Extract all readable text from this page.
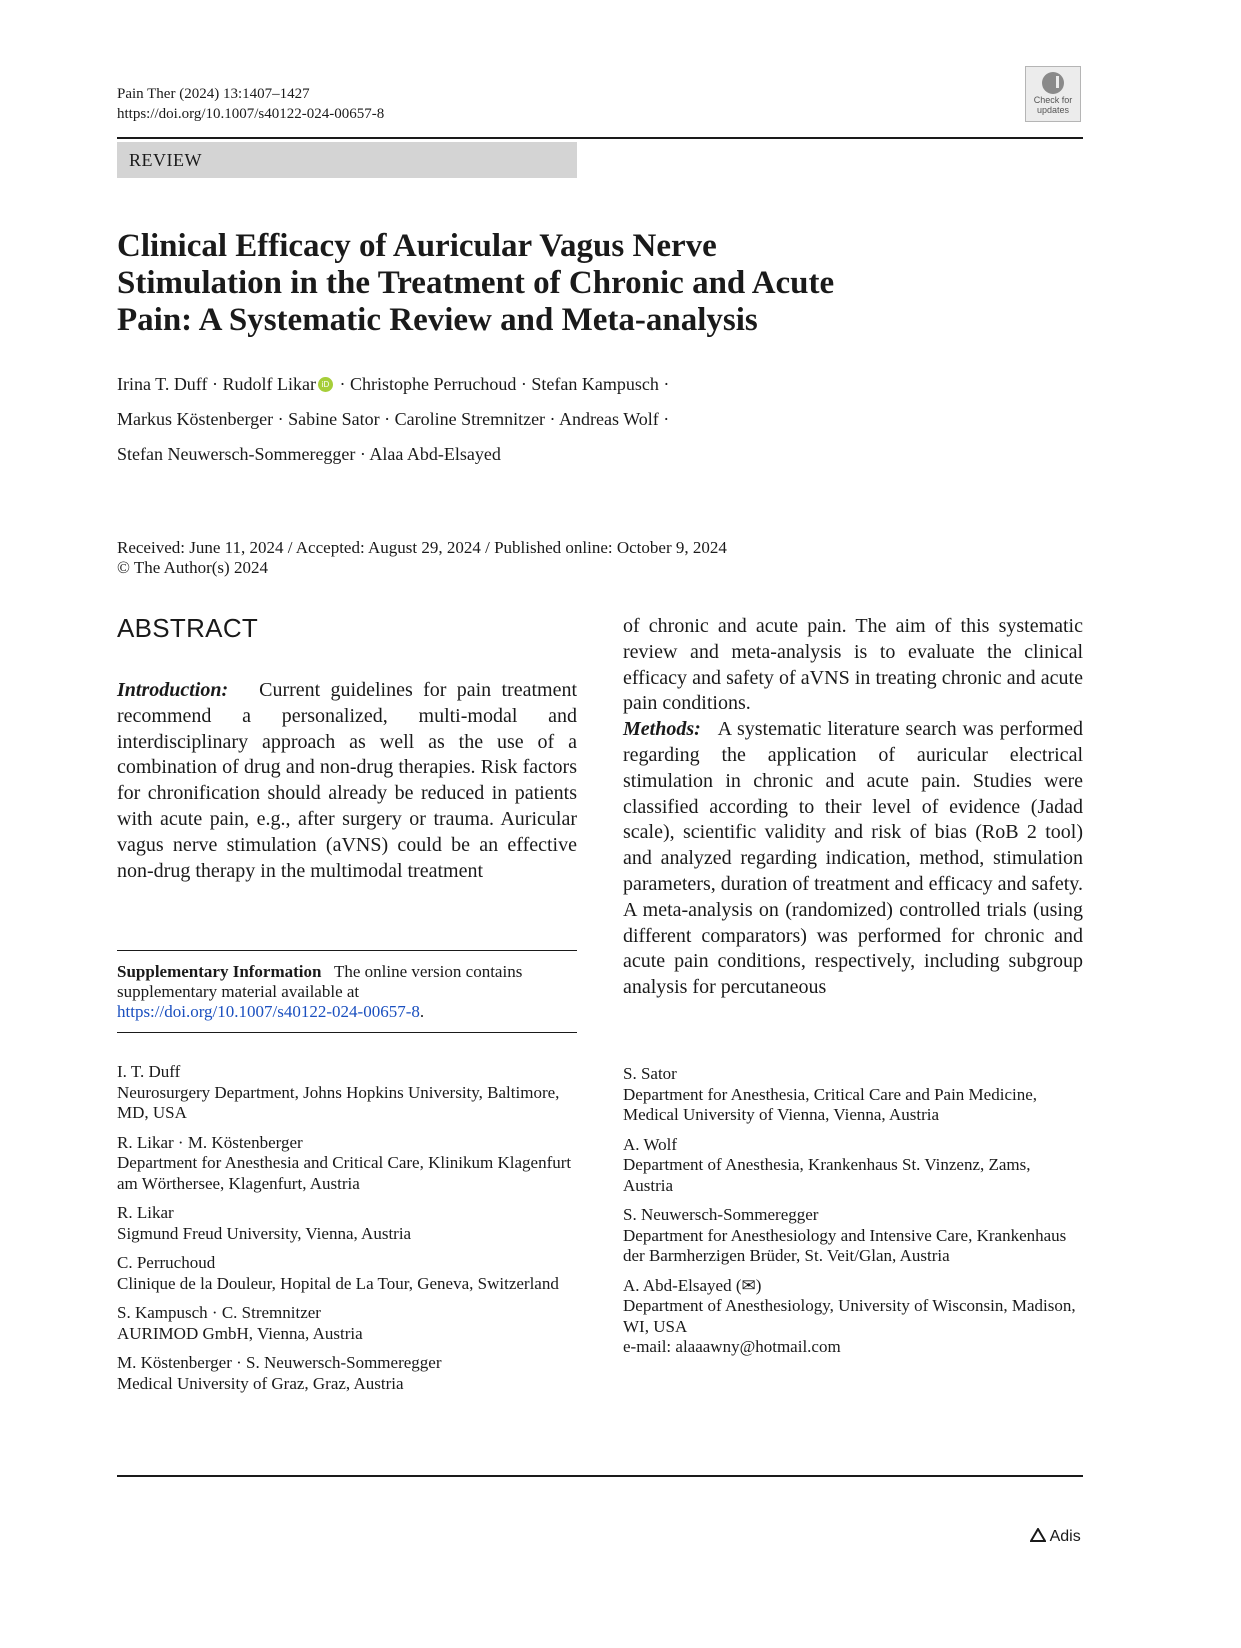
Pain Ther (2024) 13:1407–1427
https://doi.org/10.1007/s40122-024-00657-8
Check for
updates
REVIEW
Clinical Efficacy of Auricular Vagus Nerve
Stimulation in the Treatment of Chronic and Acute
Pain: A Systematic Review and Meta-analysis
Irina T. Duff · Rudolf Likar iD · Christophe Perruchoud · Stefan Kampusch ·
Markus Köstenberger · Sabine Sator · Caroline Stremnitzer · Andreas Wolf ·
Stefan Neuwersch-Sommeregger · Alaa Abd-Elsayed
Received: June 11, 2024 / Accepted: August 29, 2024 / Published online: October 9, 2024
© The Author(s) 2024
ABSTRACT
Introduction: Current guidelines for pain treatment recommend a personalized, multi-modal and interdisciplinary approach as well as the use of a combination of drug and non-drug therapies. Risk factors for chronification should already be reduced in patients with acute pain, e.g., after surgery or trauma. Auricular vagus nerve stimulation (aVNS) could be an effective non-drug therapy in the multimodal treatment
of chronic and acute pain. The aim of this systematic review and meta-analysis is to evaluate the clinical efficacy and safety of aVNS in treating chronic and acute pain conditions.
Methods: A systematic literature search was performed regarding the application of auricular electrical stimulation in chronic and acute pain. Studies were classified according to their level of evidence (Jadad scale), scientific validity and risk of bias (RoB 2 tool) and analyzed regarding indication, method, stimulation parameters, duration of treatment and efficacy and safety. A meta-analysis on (randomized) controlled trials (using different comparators) was performed for chronic and acute pain conditions, respectively, including subgroup analysis for percutaneous
Supplementary Information The online version contains supplementary material available at https://doi.org/10.1007/s40122-024-00657-8.
I. T. Duff
Neurosurgery Department, Johns Hopkins University, Baltimore, MD, USA
R. Likar · M. Köstenberger
Department for Anesthesia and Critical Care, Klinikum Klagenfurt am Wörthersee, Klagenfurt, Austria
R. Likar
Sigmund Freud University, Vienna, Austria
C. Perruchoud
Clinique de la Douleur, Hopital de La Tour, Geneva, Switzerland
S. Kampusch · C. Stremnitzer
AURIMOD GmbH, Vienna, Austria
M. Köstenberger · S. Neuwersch-Sommeregger
Medical University of Graz, Graz, Austria
S. Sator
Department for Anesthesia, Critical Care and Pain Medicine, Medical University of Vienna, Vienna, Austria
A. Wolf
Department of Anesthesia, Krankenhaus St. Vinzenz, Zams, Austria
S. Neuwersch-Sommeregger
Department for Anesthesiology and Intensive Care, Krankenhaus der Barmherzigen Brüder, St. Veit/Glan, Austria
A. Abd-Elsayed (✉)
Department of Anesthesiology, University of Wisconsin, Madison, WI, USA
e-mail: alaaawny@hotmail.com
Adis
